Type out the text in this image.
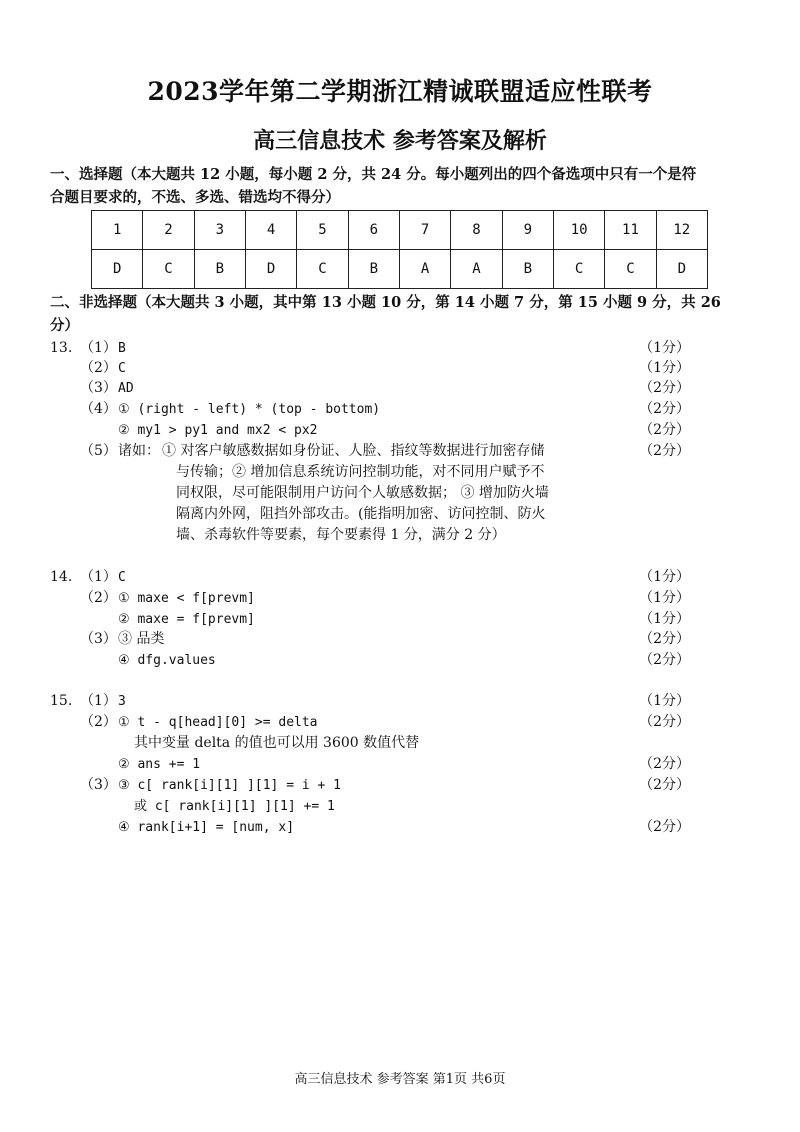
2023学年第二学期浙江精诚联盟适应性联考
高三信息技术 参考答案及解析
一、选择题（本大题共 12 小题，每小题 2 分，共 24 分。每小题列出的四个备选项中只有一个是符
合题目要求的，不选、多选、错选均不得分）
1	2	3	4	5	6	7	8	9	10	11	12
D	C	B	D	C	B	A	A	B	C	C	D
二、非选择题（本大题共 3 小题，其中第 13 小题 10 分，第 14 小题 7 分，第 15 小题 9 分，共 26
分）
13. （1） B	（1分）
（2） C	（1分）
（3） AD	（2分）
（4） ① (right - left) * (top - bottom)	（2分）
② my1 > py1 and mx2 < px2	（2分）
（5） 诸如：	（2分）
① 对客户敏感数据如身份证、人脸、指纹等数据进行加密存储
与传输；② 增加信息系统访问控制功能，对不同用户赋予不
同权限，尽可能限制用户访问个人敏感数据； ③ 增加防火墙
隔离内外网，阻挡外部攻击。(能指明加密、访问控制、防火
墙、杀毒软件等要素，每个要素得 1 分，满分 2 分）
14. （1） C	（1分）
（2） ① maxe < f[prevm]	（1分）
② maxe = f[prevm]	（1分）
（3） ③ 品类	（2分）
④ dfg.values	（2分）
15. （1） 3	（1分）
（2） ① t - q[head][0] >= delta	（2分）
其中变量 delta 的值也可以用 3600 数值代替
② ans += 1	（2分）
（3） ③ c[ rank[i][1] ][1] = i + 1	（2分）
或 c[ rank[i][1] ][1] += 1
④ rank[i+1] = [num, x]	（2分）
高三信息技术 参考答案 第1页 共6页
